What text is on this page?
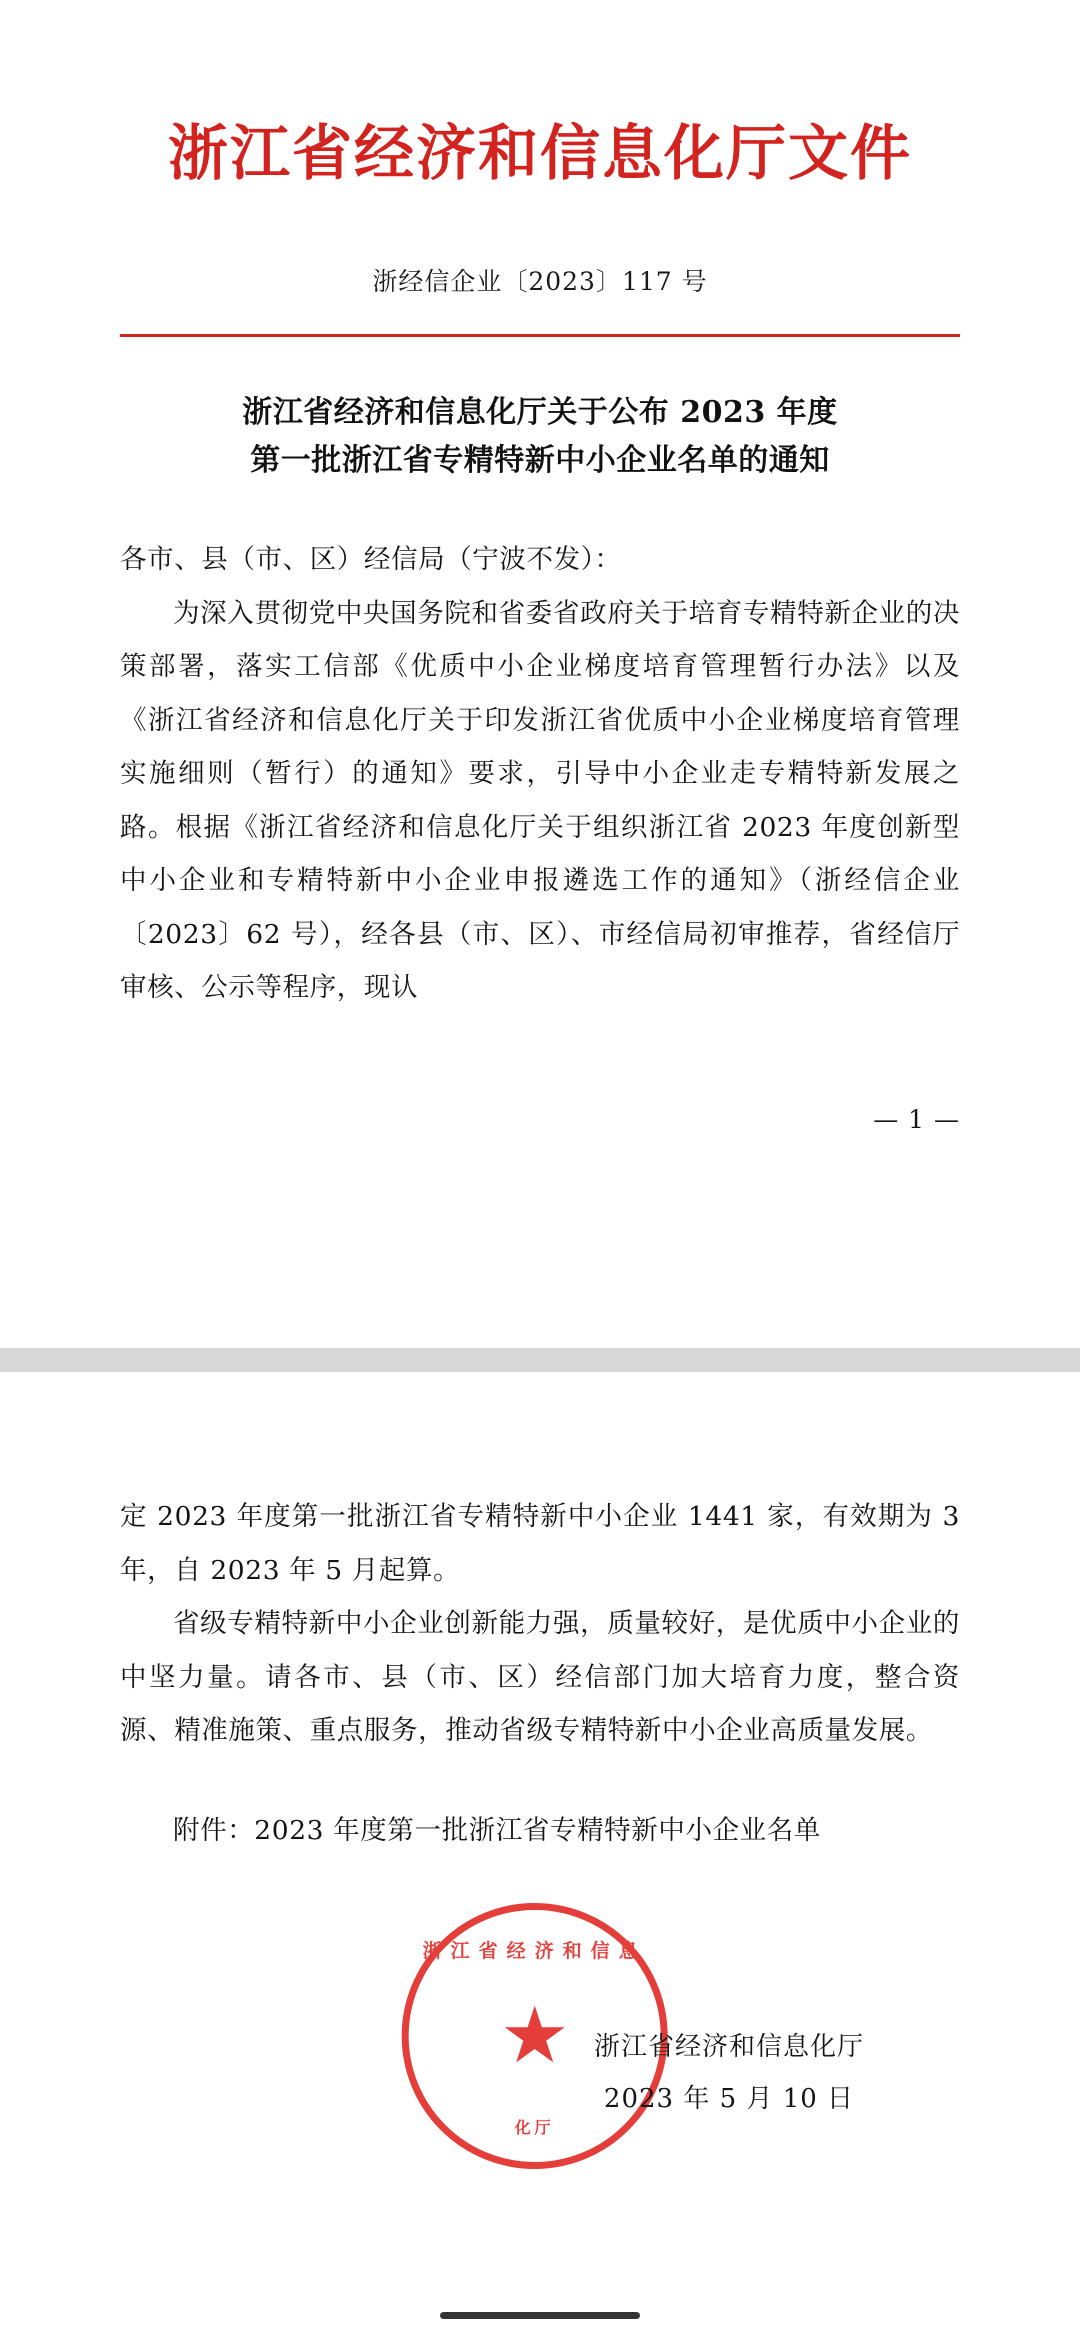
浙江省经济和信息化厅文件
浙经信企业〔2023〕117 号
浙江省经济和信息化厅关于公布 2023 年度
第一批浙江省专精特新中小企业名单的通知

各市、县（市、区）经信局（宁波不发）：

为深入贯彻党中央国务院和省委省政府关于培育专精特新企业的决策部署，落实工信部《优质中小企业梯度培育管理暂行办法》以及《浙江省经济和信息化厅关于印发浙江省优质中小企业梯度培育管理实施细则（暂行）的通知》要求，引导中小企业走专精特新发展之路。根据《浙江省经济和信息化厅关于组织浙江省 2023 年度创新型中小企业和专精特新中小企业申报遴选工作的通知》（浙经信企业〔2023〕62 号），经各县（市、区）、市经信局初审推荐，省经信厅审核、公示等程序，现认

— 1 —

定 2023 年度第一批浙江省专精特新中小企业 1441 家，有效期为 3 年，自 2023 年 5 月起算。

省级专精特新中小企业创新能力强，质量较好，是优质中小企业的中坚力量。请各市、县（市、区）经信部门加大培育力度，整合资源、精准施策、重点服务，推动省级专精特新中小企业高质量发展。

附件：2023 年度第一批浙江省专精特新中小企业名单
浙江省经济和信息
★
化厅
浙江省经济和信息化厅
2023 年 5 月 10 日
